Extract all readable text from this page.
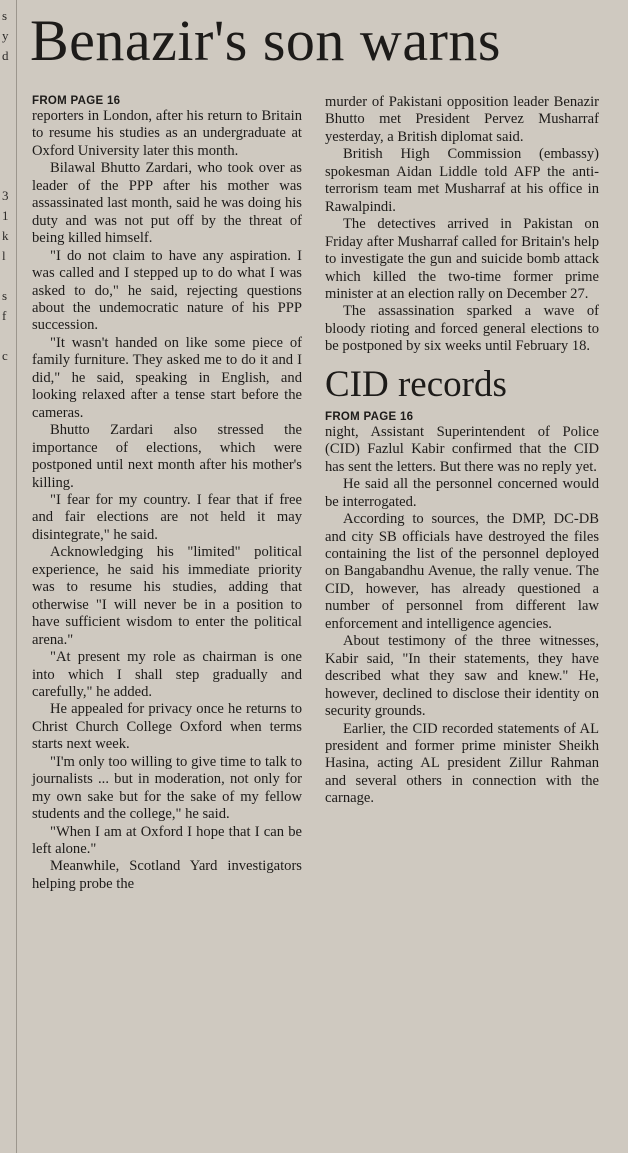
s
y
d

3
1
k
l

s
f

c

Benazir's son warns
FROM PAGE 16

reporters in London, after his return to Britain to resume his studies as an undergraduate at Oxford University later this month.

Bilawal Bhutto Zardari, who took over as leader of the PPP after his mother was assassinated last month, said he was doing his duty and was not put off by the threat of being killed himself.

"I do not claim to have any aspiration. I was called and I stepped up to do what I was asked to do," he said, rejecting questions about the undemocratic nature of his PPP succession.

"It wasn't handed on like some piece of family furniture. They asked me to do it and I did," he said, speaking in English, and looking relaxed after a tense start before the cameras.

Bhutto Zardari also stressed the importance of elections, which were postponed until next month after his mother's killing.

"I fear for my country. I fear that if free and fair elections are not held it may disintegrate," he said.

Acknowledging his "limited" political experience, he said his immediate priority was to resume his studies, adding that otherwise "I will never be in a position to have sufficient wisdom to enter the political arena."

"At present my role as chairman is one into which I shall step gradually and carefully," he added.

He appealed for privacy once he returns to Christ Church College Oxford when terms starts next week.

"I'm only too willing to give time to talk to journalists ... but in moderation, not only for my own sake but for the sake of my fellow students and the college," he said.

"When I am at Oxford I hope that I can be left alone."

Meanwhile, Scotland Yard investigators helping probe the

murder of Pakistani opposition leader Benazir Bhutto met President Pervez Musharraf yesterday, a British diplomat said.

British High Commission (embassy) spokesman Aidan Liddle told AFP the anti-terrorism team met Musharraf at his office in Rawalpindi.

The detectives arrived in Pakistan on Friday after Musharraf called for Britain's help to investigate the gun and suicide bomb attack which killed the two-time former prime minister at an election rally on December 27.

The assassination sparked a wave of bloody rioting and forced general elections to be postponed by six weeks until February 18.

CID records
FROM PAGE 16

night, Assistant Superintendent of Police (CID) Fazlul Kabir confirmed that the CID has sent the letters. But there was no reply yet.

He said all the personnel concerned would be interrogated.

According to sources, the DMP, DC-DB and city SB officials have destroyed the files containing the list of the personnel deployed on Bangabandhu Avenue, the rally venue. The CID, however, has already questioned a number of personnel from different law enforcement and intelligence agencies.

About testimony of the three witnesses, Kabir said, "In their statements, they have described what they saw and knew." He, however, declined to disclose their identity on security grounds.

Earlier, the CID recorded statements of AL president and former prime minister Sheikh Hasina, acting AL president Zillur Rahman and several others in connection with the carnage.
